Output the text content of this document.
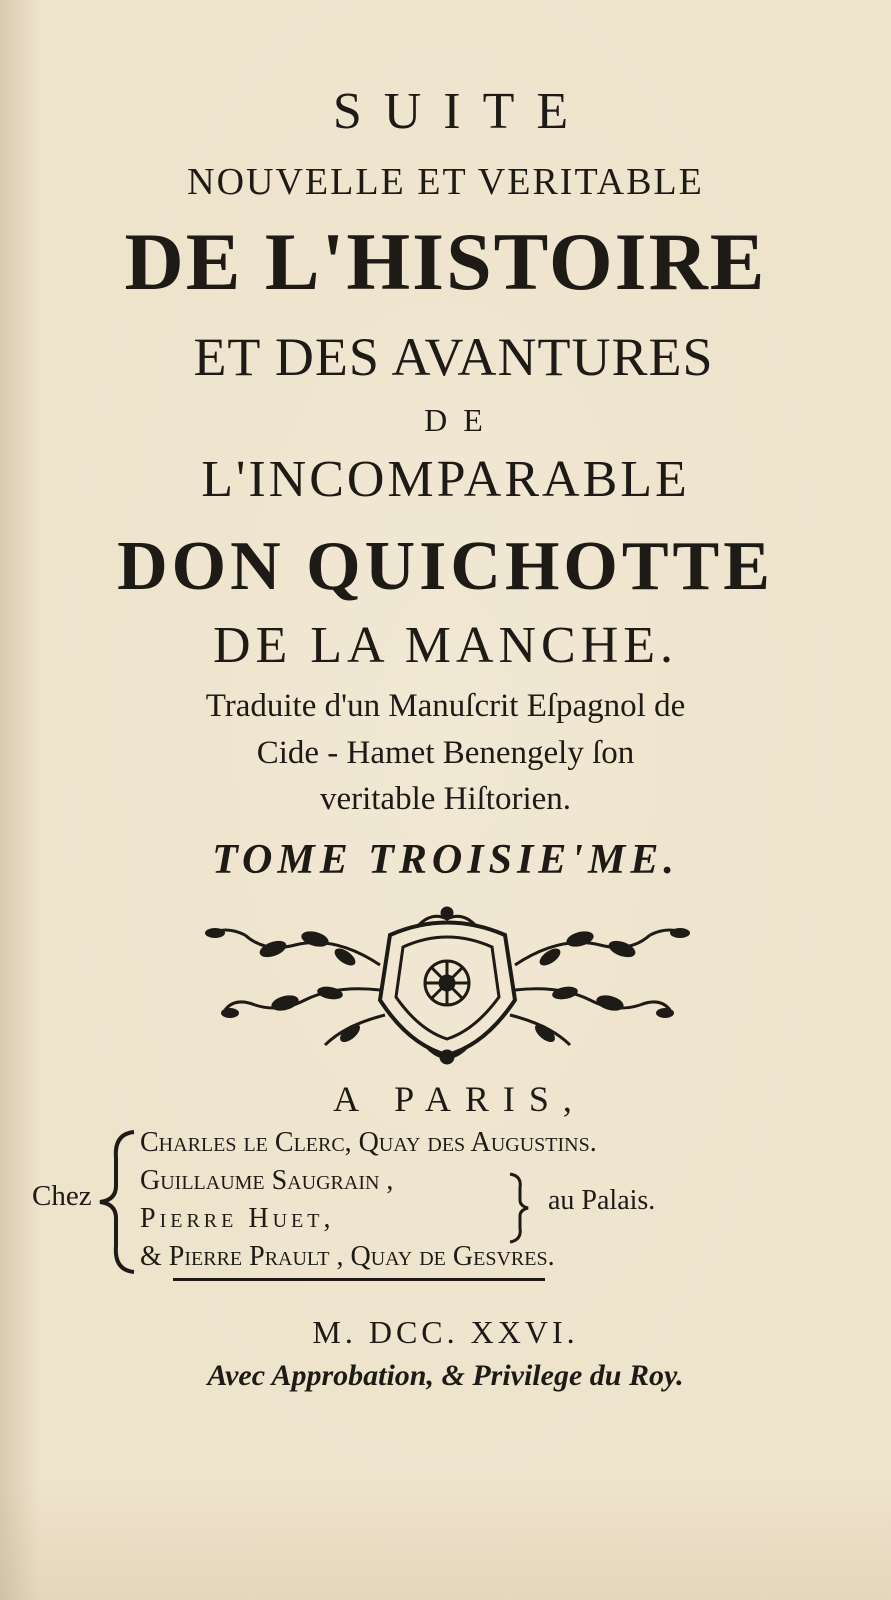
SUITE
NOUVELLE ET VERITABLE
DE L'HISTOIRE
ET DES AVANTURES
DE
L'INCOMPARABLE
DON QUICHOTTE
DE LA MANCHE.
Traduite d'un Manuſcrit Eſpagnol de
Cide - Hamet Benengely ſon
veritable Hiſtorien.
TOME TROISIE'ME.
A PARIS,
Chez
Charles le Clerc, Quay des Auguſtins.
Guillaume Saugrain ,
Pierre Huet,
& Pierre Prault , Quay de Geſvres.
au Palais.
M. DCC. XXVI.
Avec Approbation, & Privilege du Roy.
